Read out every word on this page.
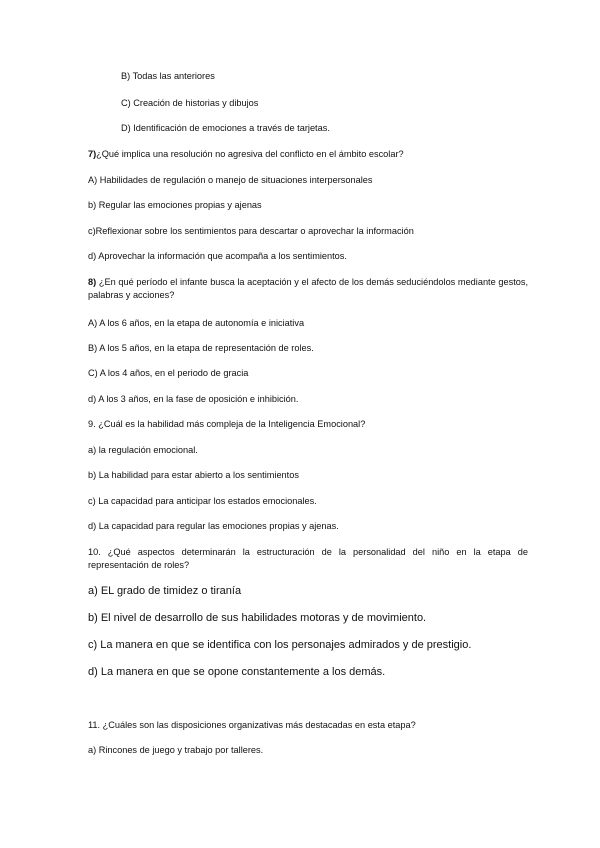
B) Todas las anteriores
C) Creación de historias y dibujos
D) Identificación de emociones a través de tarjetas.
7)¿Qué implica una resolución no agresiva del conflicto en el ámbito escolar?
A) Habilidades de regulación o manejo de situaciones interpersonales
b) Regular las emociones propias y ajenas
c)Reflexionar sobre los sentimientos para descartar o aprovechar la información
d) Aprovechar la información que acompaña a los sentimientos.
8) ¿En qué período el infante busca la aceptación y el afecto de los demás seduciéndolos mediante gestos, palabras y acciones?
A) A los 6 años, en la etapa de autonomía e iniciativa
B) A los 5 años, en la etapa de representación de roles.
C) A los 4 años, en el periodo de gracia
d) A los 3 años, en la fase de oposición e inhibición.
9. ¿Cuál es la habilidad más compleja de la Inteligencia Emocional?
a) la regulación emocional.
b) La habilidad para estar abierto a los sentimientos
c) La capacidad para anticipar los estados emocionales.
d) La capacidad para regular las emociones propias y ajenas.
10. ¿Qué aspectos determinarán la estructuración de la personalidad del niño en la etapa de representación de roles?
a) EL grado de timidez o tiranía
b) El nivel de desarrollo de sus habilidades motoras y de movimiento.
c) La manera en que se identifica con los personajes admirados y de prestigio.
d) La manera en que se opone constantemente a los demás.
11. ¿Cuáles son las disposiciones organizativas más destacadas en esta etapa?
a) Rincones de juego y trabajo por talleres.
